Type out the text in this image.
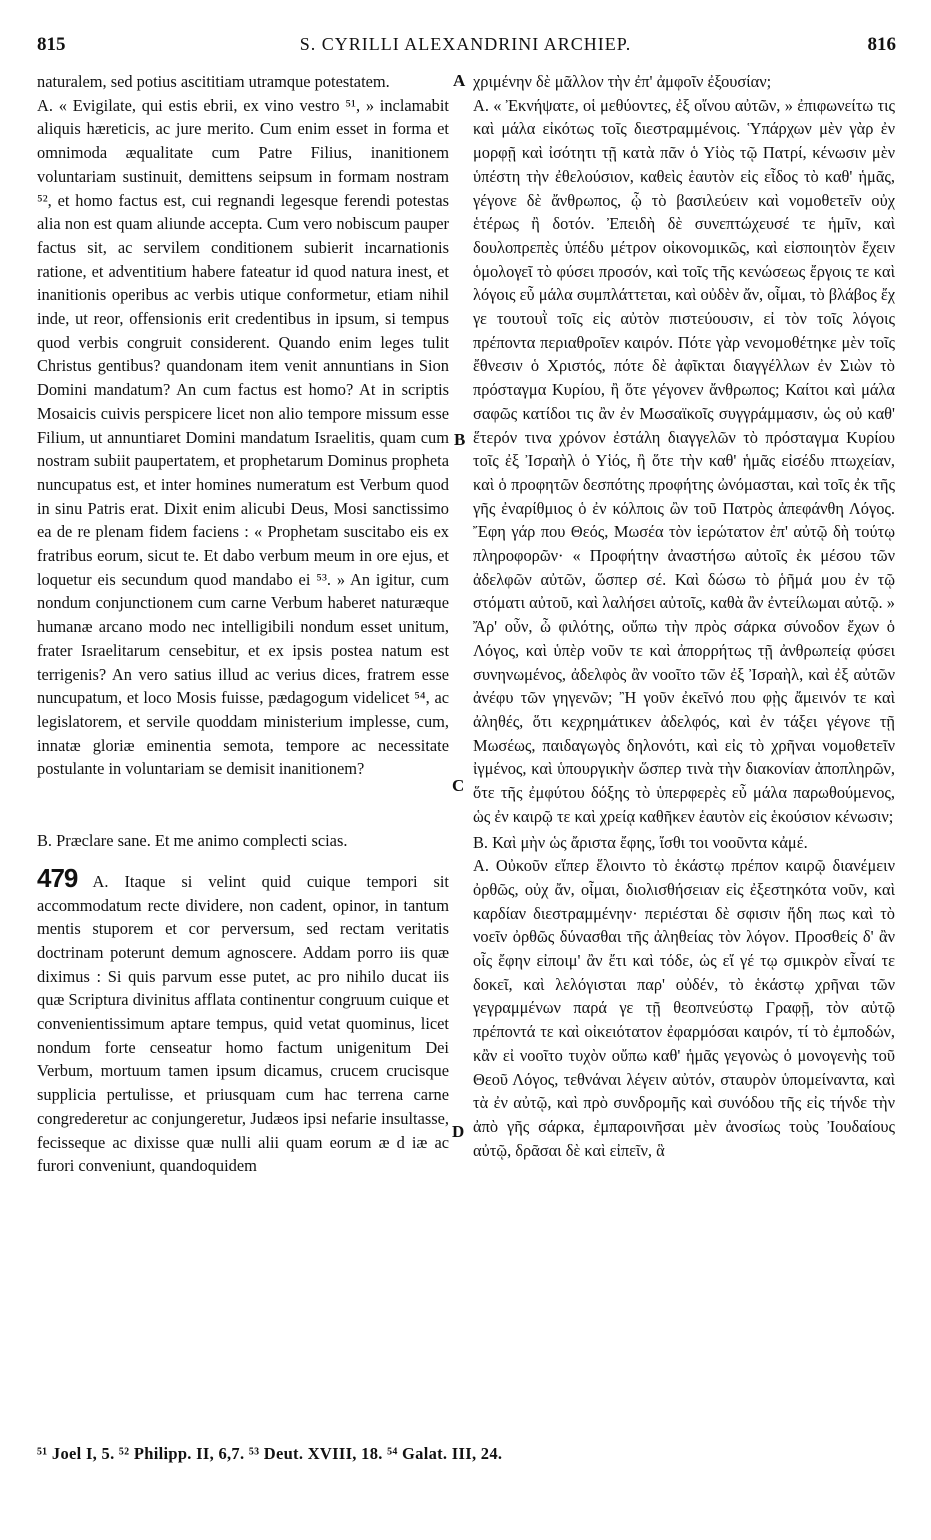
815	S. CYRILLI ALEXANDRINI ARCHIEP.	816

naturalem, sed potius ascititiam utramque potestatem.

A. « Evigilate, qui estis ebrii, ex vino vestro ⁵¹, » inclamabit aliquis hæreticis, ac jure merito. Cum enim esset in forma et omnimoda æqualitate cum Patre Filius, inanitionem voluntariam sustinuit, demittens seipsum in formam nostram ⁵², et homo factus est, cui regnandi legesque ferendi potestas alia non est quam aliunde accepta. Cum vero nobiscum pauper factus sit, ac servilem conditionem subierit incarnationis ratione, et adventitium habere fateatur id quod natura inest, et inanitionis operibus ac verbis utique conformetur, etiam nihil inde, ut reor, offensionis erit credentibus in ipsum, si tempus quod verbis congruit considerent. Quando enim leges tulit Christus gentibus? quandonam item venit annuntians in Sion Domini mandatum? An cum factus est homo? At in scriptis Mosaicis cuivis perspicere licet non alio tempore missum esse Filium, ut annuntiaret Domini mandatum Israelitis, quam cum nostram subiit paupertatem, et prophetarum Dominus propheta nuncupatus est, et inter homines numeratum est Verbum quod in sinu Patris erat. Dixit enim alicubi Deus, Mosi sanctissimo ea de re plenam fidem faciens : « Prophetam suscitabo eis ex fratribus eorum, sicut te. Et dabo verbum meum in ore ejus, et loquetur eis secundum quod mandabo ei ⁵³. » An igitur, cum nondum conjunctionem cum carne Verbum haberet naturæque humanæ arcano modo nec intelligibili nondum esset unitum, frater Israelitarum censebitur, et ex ipsis postea natum est terrigenis? An vero satius illud ac verius dices, fratrem esse nuncupatum, et loco Mosis fuisse, pædagogum videlicet ⁵⁴, ac legislatorem, et servile quoddam ministerium implesse, cum, innatæ gloriæ eminentia semota, tempore ac necessitate postulante in voluntariam se demisit inanitionem?

B. Præclare sane. Et me animo complecti scias.

479 A. Itaque si velint quid cuique tempori sit accommodatum recte dividere, non cadent, opinor, in tantum mentis stuporem et cor perversum, sed rectam veritatis doctrinam poterunt demum agnoscere. Addam porro iis quæ diximus : Si quis parvum esse putet, ac pro nihilo ducat iis quæ Scriptura divinitus afflata continentur congruum cuique et convenientissimum aptare tempus, quid vetat quominus, licet nondum forte censeatur homo factum unigenitum Dei Verbum, mortuum tamen ipsum dicamus, crucem crucisque supplicia pertulisse, et priusquam cum hac terrena carne congrederetur ac conjungeretur, Judæos ipsi nefarie insultasse, fecisseque ac dixisse quæ nulli alii quam eorum æ d iæ ac furori conveniunt, quandoquidem

A
B
C
D

χριμένην δὲ μᾶλλον τὴν ἐπ' ἀμφοῖν ἐξουσίαν;

A. « Ἐκνήψατε, οἱ μεθύοντες, ἐξ οἴνου αὐτῶν, » ἐπιφωνείτω τις καὶ μάλα εἰκότως τοῖς διεστραμμένοις. Ὑπάρχων μὲν γὰρ ἐν μορφῇ καὶ ἰσότητι τῇ κατὰ πᾶν ὁ Υἱὸς τῷ Πατρί, κένωσιν μὲν ὑπέστη τὴν ἐθελούσιον, καθεὶς ἑαυτὸν εἰς εἶδος τὸ καθ' ἡμᾶς, γέγονε δὲ ἄνθρωπος, ᾧ τὸ βασιλεύειν καὶ νομοθετεῖν οὐχ ἑτέρως ἢ δοτόν. Ἐπειδὴ δὲ συνεπτώχευσέ τε ἡμῖν, καὶ δουλοπρεπὲς ὑπέδυ μέτρον οἰκονομικῶς, καὶ εἰσποιητὸν ἔχειν ὁμολογεῖ τὸ φύσει προσόν, καὶ τοῖς τῆς κενώσεως ἔργοις τε καὶ λόγοις εὖ μάλα συμπλάττεται, καὶ οὐδὲν ἄν, οἶμαι, τὸ βλάβος ἔχ γε τουτουῒ τοῖς εἰς αὐτὸν πιστεύουσιν, εἰ τὸν τοῖς λόγοις πρέποντα περιαθροῖεν καιρόν. Πότε γὰρ νενομοθέτηκε μὲν τοῖς ἔθνεσιν ὁ Χριστός, πότε δὲ ἀφῖκται διαγγέλλων ἐν Σιὼν τὸ πρόσταγμα Κυρίου, ἢ ὅτε γέγονεν ἄνθρωπος; Καίτοι καὶ μάλα σαφῶς κατίδοι τις ἂν ἐν Μωσαϊκοῖς συγγράμμασιν, ὡς οὐ καθ' ἕτερόν τινα χρόνον ἐστάλη διαγγελῶν τὸ πρόσταγμα Κυρίου τοῖς ἐξ Ἰσραὴλ ὁ Υἱός, ἢ ὅτε τὴν καθ' ἡμᾶς εἰσέδυ πτωχείαν, καὶ ὁ προφητῶν δεσπότης προφήτης ὠνόμασται, καὶ τοῖς ἐκ τῆς γῆς ἐναρίθμιος ὁ ἐν κόλποις ὢν τοῦ Πατρὸς ἀπεφάνθη Λόγος. Ἔφη γάρ που Θεός, Μωσέα τὸν ἱερώτατον ἐπ' αὐτῷ δὴ τούτῳ πληροφορῶν· « Προφήτην ἀναστήσω αὐτοῖς ἐκ μέσου τῶν ἀδελφῶν αὐτῶν, ὥσπερ σέ. Καὶ δώσω τὸ ῥῆμά μου ἐν τῷ στόματι αὐτοῦ, καὶ λαλήσει αὐτοῖς, καθὰ ἂν ἐντείλωμαι αὐτῷ. » Ἄρ' οὖν, ὦ φιλότης, οὔπω τὴν πρὸς σάρκα σύνοδον ἔχων ὁ Λόγος, καὶ ὑπὲρ νοῦν τε καὶ ἀπορρήτως τῇ ἀνθρωπείᾳ φύσει συνηνωμένος, ἀδελφὸς ἂν νοοῖτο τῶν ἐξ Ἰσραὴλ, καὶ ἐξ αὐτῶν ἀνέφυ τῶν γηγενῶν; Ἢ γοῦν ἐκεῖνό που φῂς ἄμεινόν τε καὶ ἀληθές, ὅτι κεχρημάτικεν ἀδελφός, καὶ ἐν τάξει γέγονε τῇ Μωσέως, παιδαγωγὸς δηλονότι, καὶ εἰς τὸ χρῆναι νομοθετεῖν ἰγμένος, καὶ ὑπουργικὴν ὥσπερ τινὰ τὴν διακονίαν ἀποπληρῶν, ὅτε τῆς ἐμφύτου δόξης τὸ ὑπερφερὲς εὖ μάλα παρωθούμενος, ὡς ἐν καιρῷ τε καὶ χρείᾳ καθῆκεν ἑαυτὸν εἰς ἑκούσιον κένωσιν;

B. Καὶ μὴν ὡς ἄριστα ἔφης, ἴσθι τοι νοοῦντα κἀμέ.

A. Οὐκοῦν εἴπερ ἕλοιντο τὸ ἑκάστῳ πρέπον καιρῷ διανέμειν ὀρθῶς, οὐχ ἄν, οἶμαι, διολισθήσειαν εἰς ἐξεστηκότα νοῦν, καὶ καρδίαν διεστραμμένην· περιέσται δὲ σφισιν ἤδη πως καὶ τὸ νοεῖν ὀρθῶς δύνασθαι τῆς ἀληθείας τὸν λόγον. Προσθείς δ' ἂν οἷς ἔφην εἰποιμ' ἂν ἔτι καὶ τόδε, ὡς εἴ γέ τῳ σμικρὸν εἶναί τε δοκεῖ, καὶ λελόγισται παρ' οὐδέν, τὸ ἑκάστῳ χρῆναι τῶν γεγραμμένων παρά γε τῇ θεοπνεύστῳ Γραφῇ, τὸν αὐτῷ πρέποντά τε καὶ οἰκειότατον ἐφαρμόσαι καιρόν, τί τὸ ἐμποδών, κἂν εἰ νοοῖτο τυχὸν οὔπω καθ' ἡμᾶς γεγονὼς ὁ μονογενὴς τοῦ Θεοῦ Λόγος, τεθνάναι λέγειν αὐτόν, σταυρὸν ὑπομείναντα, καὶ τὰ ἐν αὐτῷ, καὶ πρὸ συνδρομῆς καὶ συνόδου τῆς εἰς τήνδε τὴν ἀπὸ γῆς σάρκα, ἐμπαροινῆσαι μὲν ἀνοσίως τοὺς Ἰουδαίους αὐτῷ, δρᾶσαι δὲ καὶ εἰπεῖν, ἃ

⁵¹ Joel I, 5. ⁵² Philipp. II, 6,7. ⁵³ Deut. XVIII, 18. ⁵⁴ Galat. III, 24.
